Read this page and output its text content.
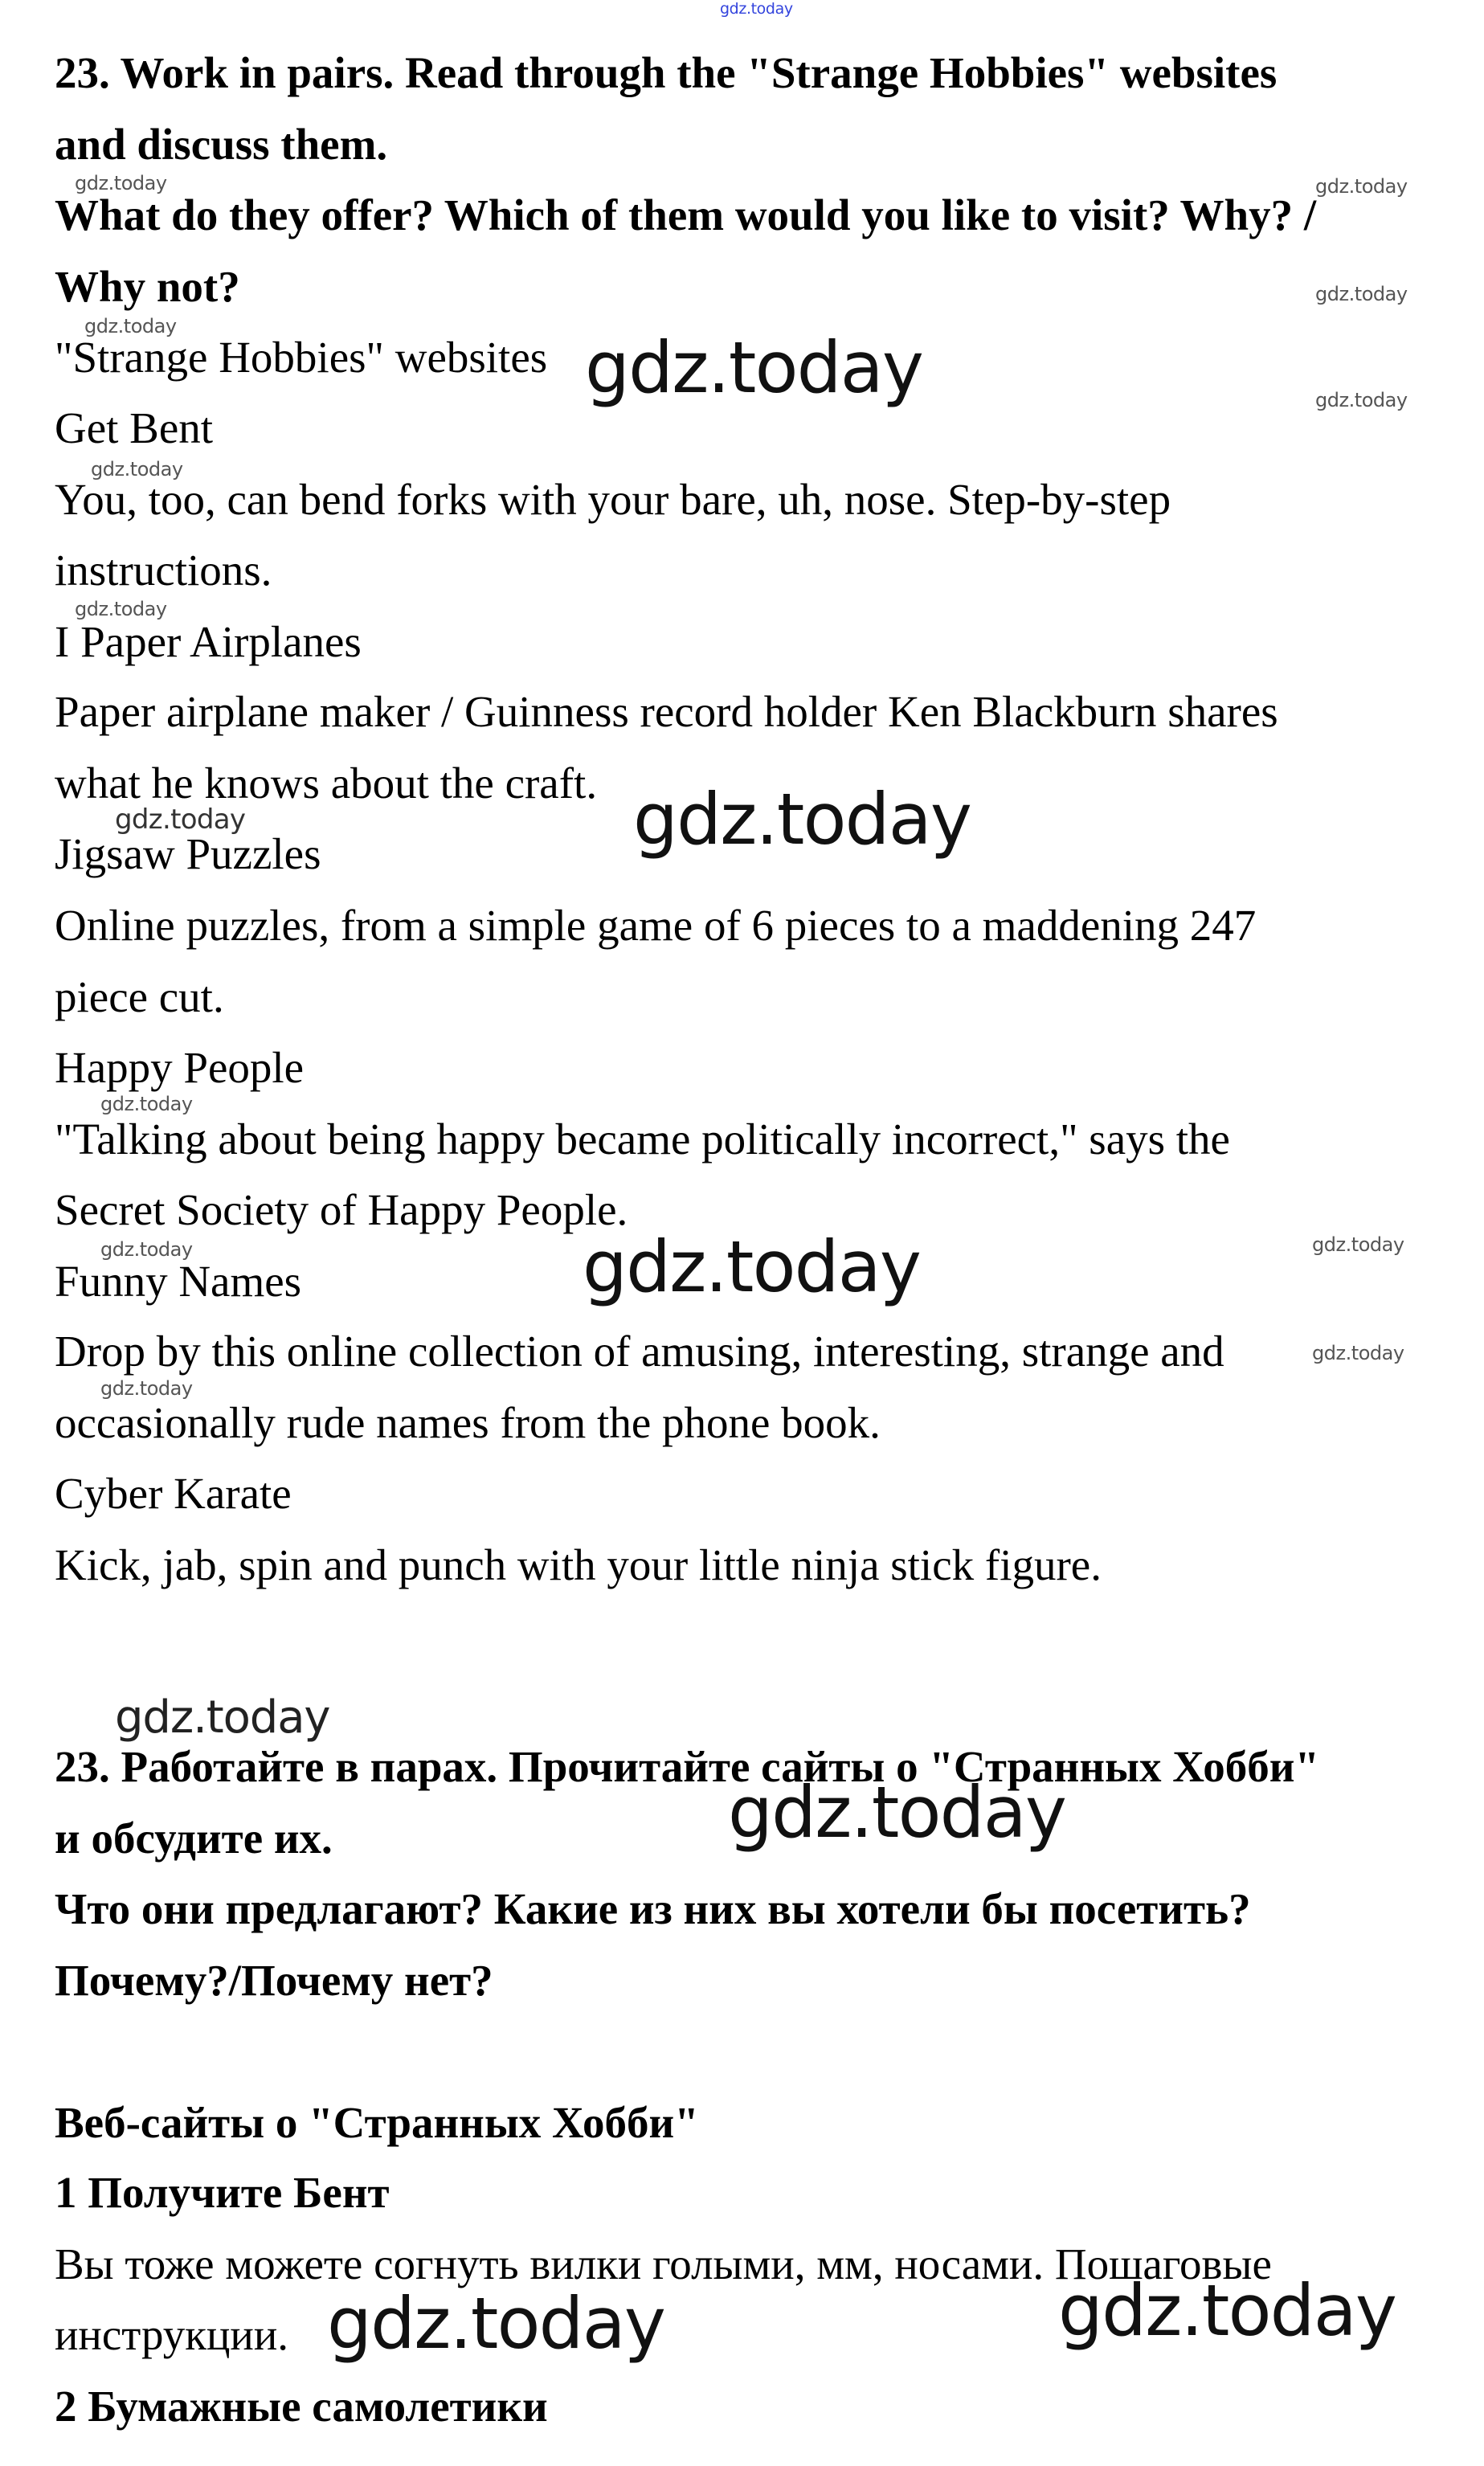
23. Work in pairs. Read through the "Strange Hobbies" websites
and discuss them.
What do they offer? Which of them would you like to visit? Why? /
Why not?
"Strange Hobbies" websites
Get Bent
You, too, can bend forks with your bare, uh, nose. Step-by-step
instructions.
I Paper Airplanes
Paper airplane maker / Guinness record holder Ken Blackburn shares
what he knows about the craft.
Jigsaw Puzzles
Online puzzles, from a simple game of 6 pieces to a maddening 247
piece cut.
Happy People
"Talking about being happy became politically incorrect," says the
Secret Society of Happy People.
Funny Names
Drop by this online collection of amusing, interesting, strange and
occasionally rude names from the phone book.
Cyber Karate
Kick, jab, spin and punch with your little ninja stick figure.
23. Работайте в парах. Прочитайте сайты о "Странных Хобби"
и обсудите их.
Что они предлагают? Какие из них вы хотели бы посетить?
Почему?/Почему нет?
Веб-сайты о "Странных Хобби"
1 Получите Бент
Вы тоже можете согнуть вилки голыми, мм, носами. Пошаговые
инструкции.
2 Бумажные самолетики
gdz.today
gdz.today	gdz.today
gdz.today
gdz.today	gdz.today	gdz.today
gdz.today
gdz.today
gdz.today	gdz.today
gdz.today
gdz.today	gdz.today	gdz.today
gdz.today
gdz.today
gdz.today
gdz.today
gdz.today	gdz.today
